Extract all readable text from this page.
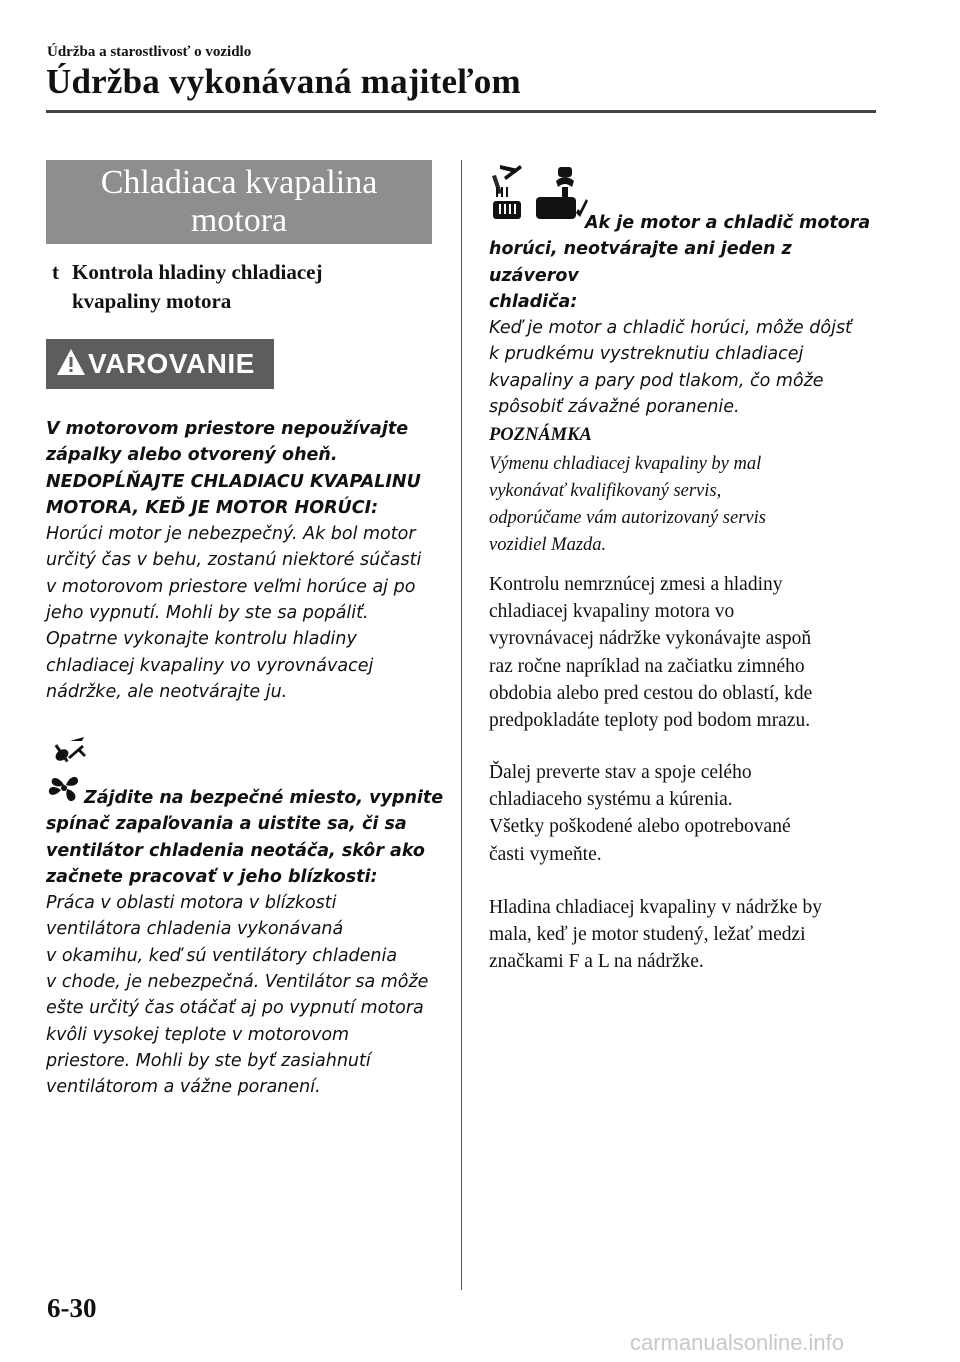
Údržba a starostlivosť o vozidlo
Údržba vykonávaná majiteľom
Chladiaca kvapalina
motora
t Kontrola hladiny chladiacej
kvapaliny motora
VAROVANIE
V motorovom priestore nepoužívajte
zápalky alebo otvorený oheň.
NEDOPĹŇAJTE CHLADIACU KVAPALINU
MOTORA, KEĎ JE MOTOR HORÚCI:
Horúci motor je nebezpečný. Ak bol motor
určitý čas v behu, zostanú niektoré súčasti
v motorovom priestore veľmi horúce aj po
jeho vypnutí. Mohli by ste sa popáliť.
Opatrne vykonajte kontrolu hladiny
chladiacej kvapaliny vo vyrovnávacej
nádržke, ale neotvárajte ju.
Zájdite na bezpečné miesto, vypnite
spínač zapaľovania a uistite sa, či sa
ventilátor chladenia neotáča, skôr ako
začnete pracovať v jeho blízkosti:
Práca v oblasti motora v blízkosti
ventilátora chladenia vykonávaná
v okamihu, keď sú ventilátory chladenia
v chode, je nebezpečná. Ventilátor sa môže
ešte určitý čas otáčať aj po vypnutí motora
kvôli vysokej teplote v motorovom
priestore. Mohli by ste byť zasiahnutí
ventilátorom a vážne poranení.
Ak je motor a chladič motora
horúci, neotvárajte ani jeden z uzáverov
chladiča:
Keď je motor a chladič horúci, môže dôjsť
k prudkému vystreknutiu chladiacej
kvapaliny a pary pod tlakom, čo môže
spôsobiť závažné poranenie.
POZNÁMKA
Výmenu chladiacej kvapaliny by mal
vykonávať kvalifikovaný servis,
odporúčame vám autorizovaný servis
vozidiel Mazda.
Kontrolu nemrznúcej zmesi a hladiny
chladiacej kvapaliny motora vo
vyrovnávacej nádržke vykonávajte aspoň
raz ročne napríklad na začiatku zimného
obdobia alebo pred cestou do oblastí, kde
predpokladáte teploty pod bodom mrazu.
Ďalej preverte stav a spoje celého
chladiaceho systému a kúrenia.
Všetky poškodené alebo opotrebované
časti vymeňte.
Hladina chladiacej kvapaliny v nádržke by
mala, keď je motor studený, ležať medzi
značkami F a L na nádržke.
6-30
carmanualsonline.info
